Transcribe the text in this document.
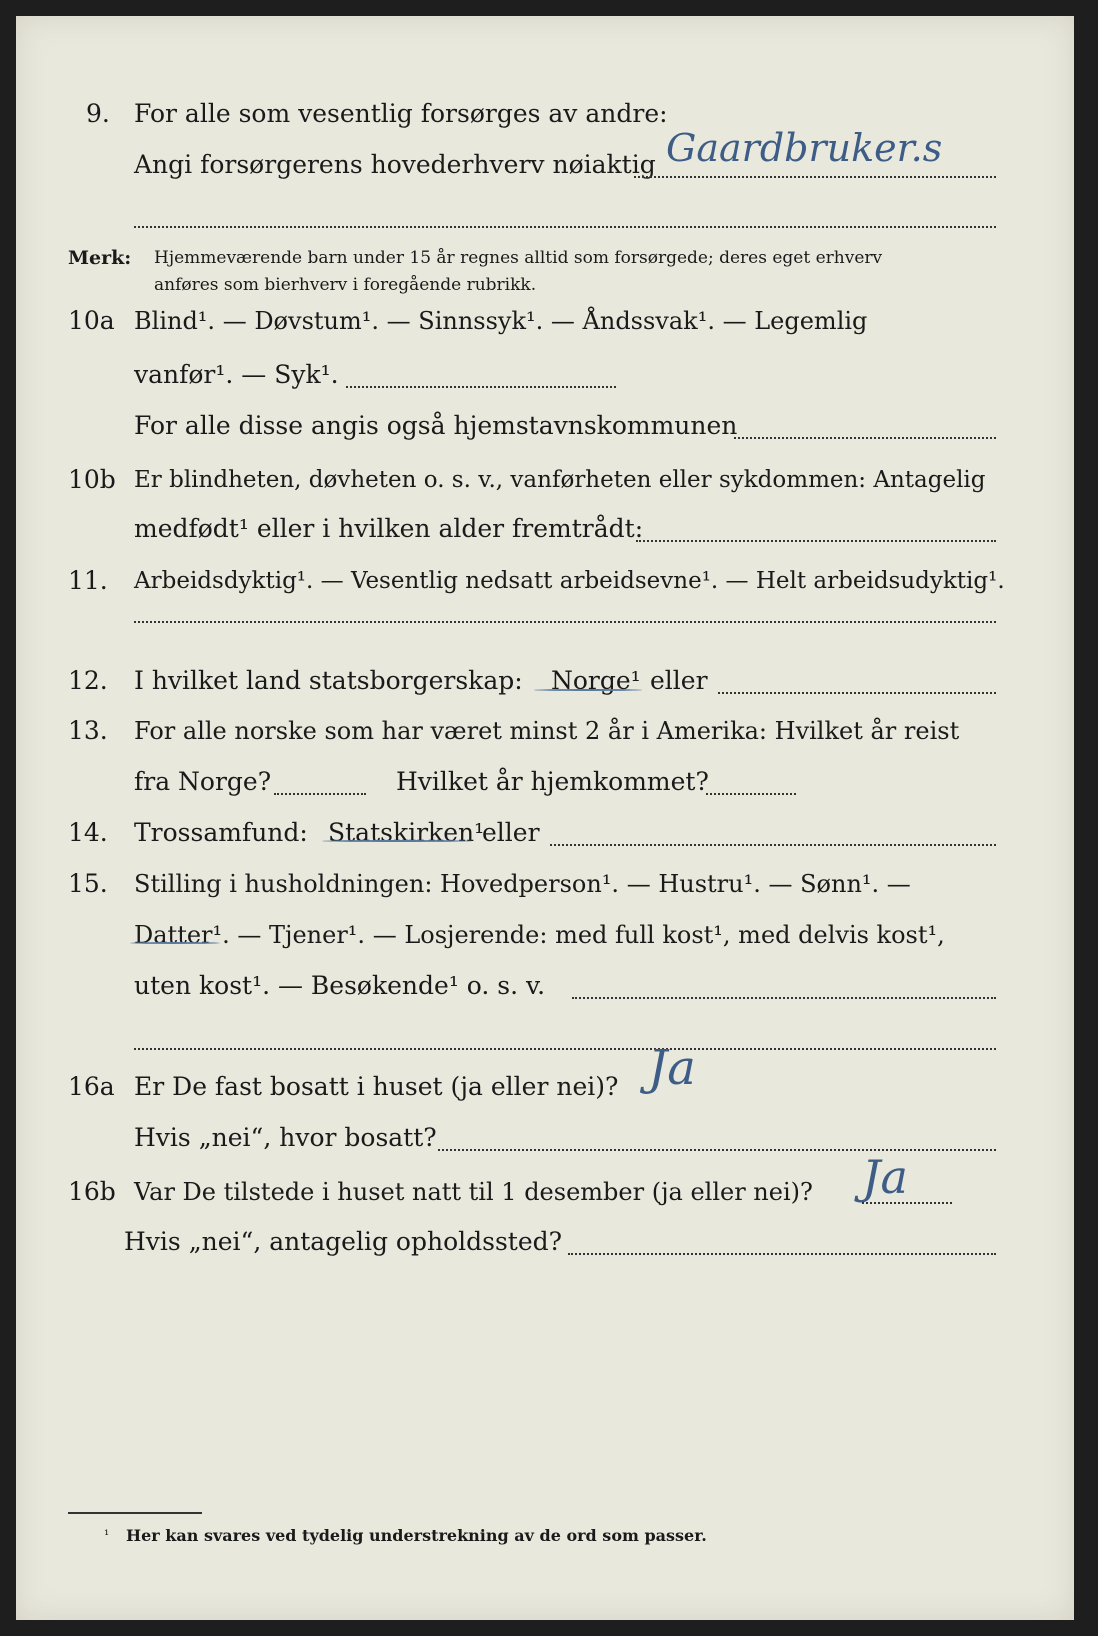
9. For alle som vesentlig forsørges av andre:
Gaardbruker.s
Angi forsørgerens hovederhverv nøiaktig
Merk: Hjemmeværende barn under 15 år regnes alltid som forsørgede; deres eget erhverv
anføres som bierhverv i foregående rubrikk.
10a Blind¹. — Døvstum¹. — Sinnssyk¹. — Åndssvak¹. — Legemlig
vanfør¹. — Syk¹.
For alle disse angis også hjemstavnskommunen
10b Er blindheten, døvheten o. s. v., vanførheten eller sykdommen: Antagelig
medfødt¹ eller i hvilken alder fremtrådt:
11. Arbeidsdyktig¹. — Vesentlig nedsatt arbeidsevne¹. — Helt arbeidsudyktig¹.
12. I hvilket land statsborgerskap: Norge¹ eller
13. For alle norske som har været minst 2 år i Amerika: Hvilket år reist
fra Norge?	Hvilket år hjemkommet?
14. Trossamfund: Statskirken¹
eller
15. Stilling i husholdningen: Hovedperson¹. — Hustru¹. — Sønn¹. —
Datter¹. — Tjener¹. — Losjerende: med full kost¹, med delvis kost¹,
uten kost¹. — Besøkende¹ o. s. v.
16a Er De fast bosatt i huset (ja eller nei)? Ja
Hvis „nei“, hvor bosatt?
16b Var De tilstede i huset natt til 1 desember (ja eller nei)? Ja
Hvis „nei“, antagelig opholdssted?
¹ Her kan svares ved tydelig understrekning av de ord som passer.
